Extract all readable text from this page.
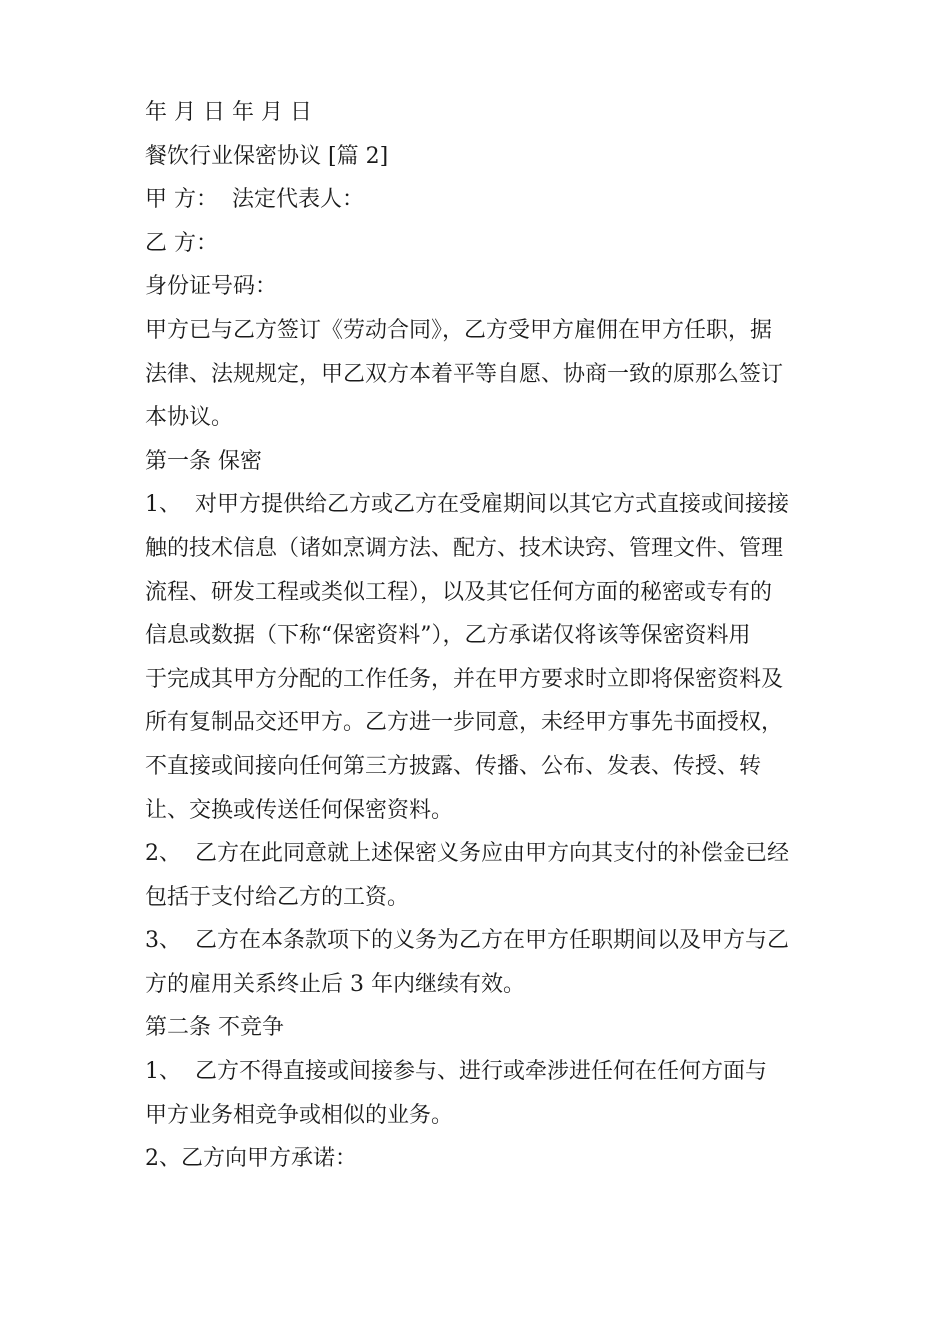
年 月 日 年 月 日

餐饮行业保密协议 [篇 2]

甲 方：  法定代表人：

乙 方：

身份证号码：

甲方已与乙方签订《劳动合同》，乙方受甲方雇佣在甲方任职，据

法律、法规规定，甲乙双方本着平等自愿、协商一致的原那么签订

本协议。

第一条 保密

1、  对甲方提供给乙方或乙方在受雇期间以其它方式直接或间接接

触的技术信息（诸如烹调方法、配方、技术诀窍、管理文件、管理

流程、研发工程或类似工程），以及其它任何方面的秘密或专有的

信息或数据（下称“保密资料”），乙方承诺仅将该等保密资料用

于完成其甲方分配的工作任务，并在甲方要求时立即将保密资料及

所有复制品交还甲方。乙方进一步同意，未经甲方事先书面授权，

不直接或间接向任何第三方披露、传播、公布、发表、传授、转

让、交换或传送任何保密资料。

2、  乙方在此同意就上述保密义务应由甲方向其支付的补偿金已经

包括于支付给乙方的工资。

3、  乙方在本条款项下的义务为乙方在甲方任职期间以及甲方与乙

方的雇用关系终止后 3 年内继续有效。

第二条 不竞争

1、  乙方不得直接或间接参与、进行或牵涉进任何在任何方面与

甲方业务相竞争或相似的业务。

2、乙方向甲方承诺：
